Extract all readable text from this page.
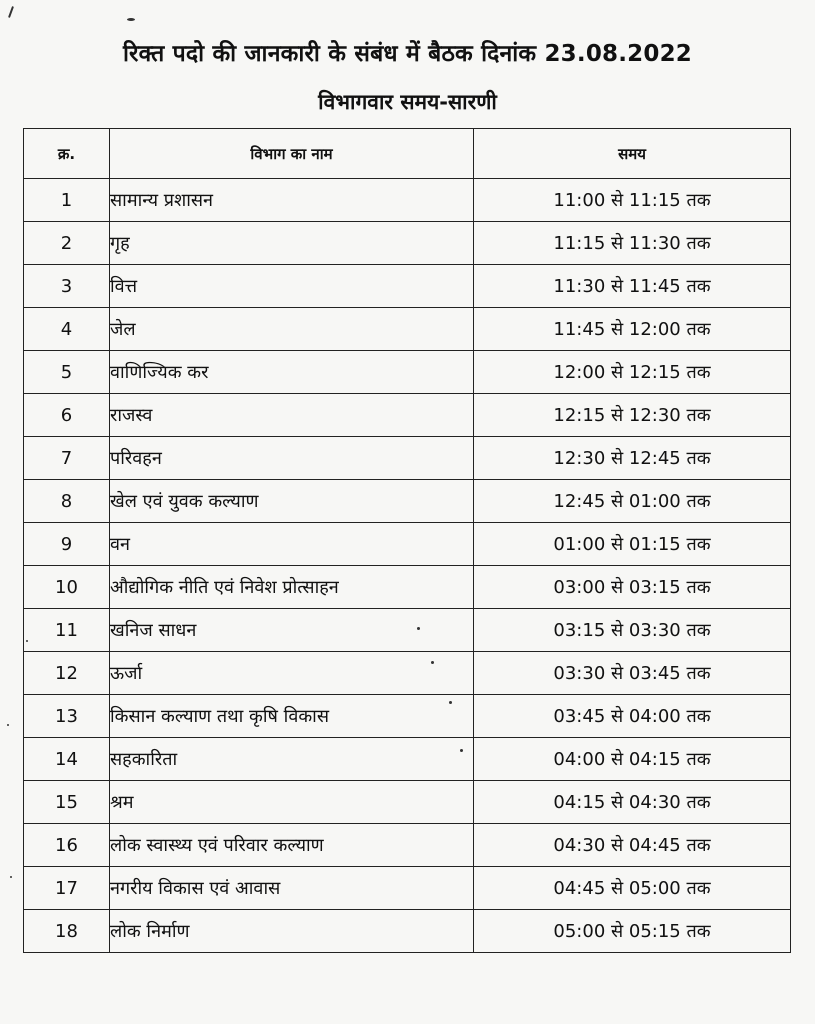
रिक्त पदो की जानकारी के संबंध में बैठक दिनांक 23.08.2022
विभागवार समय-सारणी
क्र.	विभाग का नाम	समय
1	सामान्य प्रशासन	11:00 से 11:15 तक
2	गृह	11:15 से 11:30 तक
3	वित्त	11:30 से 11:45 तक
4	जेल	11:45 से 12:00 तक
5	वाणिज्यिक कर	12:00 से 12:15 तक
6	राजस्व	12:15 से 12:30 तक
7	परिवहन	12:30 से 12:45 तक
8	खेल एवं युवक कल्याण	12:45 से 01:00 तक
9	वन	01:00 से 01:15 तक
10	औद्योगिक नीति एवं निवेश प्रोत्साहन	03:00 से 03:15 तक
11	खनिज साधन	03:15 से 03:30 तक
12	ऊर्जा	03:30 से 03:45 तक
13	किसान कल्याण तथा कृषि विकास	03:45 से 04:00 तक
14	सहकारिता	04:00 से 04:15 तक
15	श्रम	04:15 से 04:30 तक
16	लोक स्वास्थ्य एवं परिवार कल्याण	04:30 से 04:45 तक
17	नगरीय विकास एवं आवास	04:45 से 05:00 तक
18	लोक निर्माण	05:00 से 05:15 तक
